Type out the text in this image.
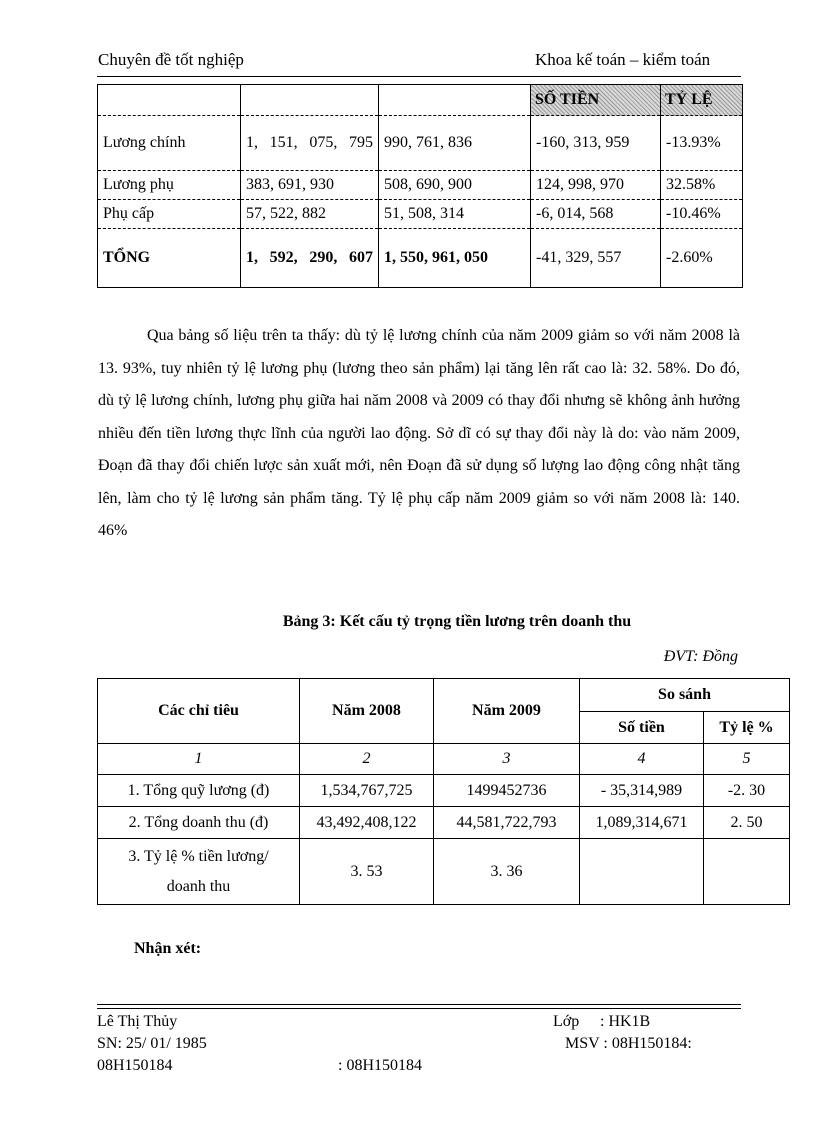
Chuyên đề tốt nghiệp	Khoa kế toán – kiểm toán
			SỐ TIỀN	TỶ LỆ
Lương chính	1, 151, 075, 795	990, 761, 836	-160, 313, 959	-13.93%
Lương phụ	383, 691, 930	508, 690, 900	124, 998, 970	32.58%
Phụ cấp	57, 522, 882	51, 508, 314	-6, 014, 568	-10.46%
TỔNG	1, 592, 290, 607	1, 550, 961, 050	-41, 329, 557	-2.60%
Qua bảng số liệu trên ta thấy: dù tỷ lệ lương chính của năm 2009 giảm so với năm 2008 là 13. 93%, tuy nhiên tỷ lệ lương phụ (lương theo sản phẩm) lại tăng lên rất cao là: 32. 58%. Do đó, dù tỷ lệ lương chính, lương phụ giữa hai năm 2008 và 2009 có thay đổi nhưng sẽ không ảnh hưởng nhiều đến tiền lương thực lĩnh của người lao động. Sở dĩ có sự thay đổi này là do: vào năm 2009, Đoạn đã thay đổi chiến lược sản xuất mới, nên Đoạn đã sử dụng số lượng lao động công nhật tăng lên, làm cho tỷ lệ lương sản phẩm tăng. Tỷ lệ phụ cấp năm 2009 giảm so với năm 2008 là: 140. 46%
Bảng 3: Kết cấu tỷ trọng tiền lương trên doanh thu
ĐVT: Đồng
Các chỉ tiêu	Năm 2008	Năm 2009	So sánh	
			Số tiền	Tỷ lệ %
1	2	3	4	5
1. Tổng quỹ lương (đ)	1,534,767,725	1499452736	- 35,314,989	-2. 30
2. Tổng doanh thu (đ)	43,492,408,122	44,581,722,793	1,089,314,671	2. 50
3. Tỷ lệ % tiền lương/
doanh thu	3. 53	3. 36		
Nhận xét:
Lê Thị Thủy	Lớp : HK1B
SN: 25/ 01/ 1985	MSV : 08H150184:
08H150184	: 08H150184
